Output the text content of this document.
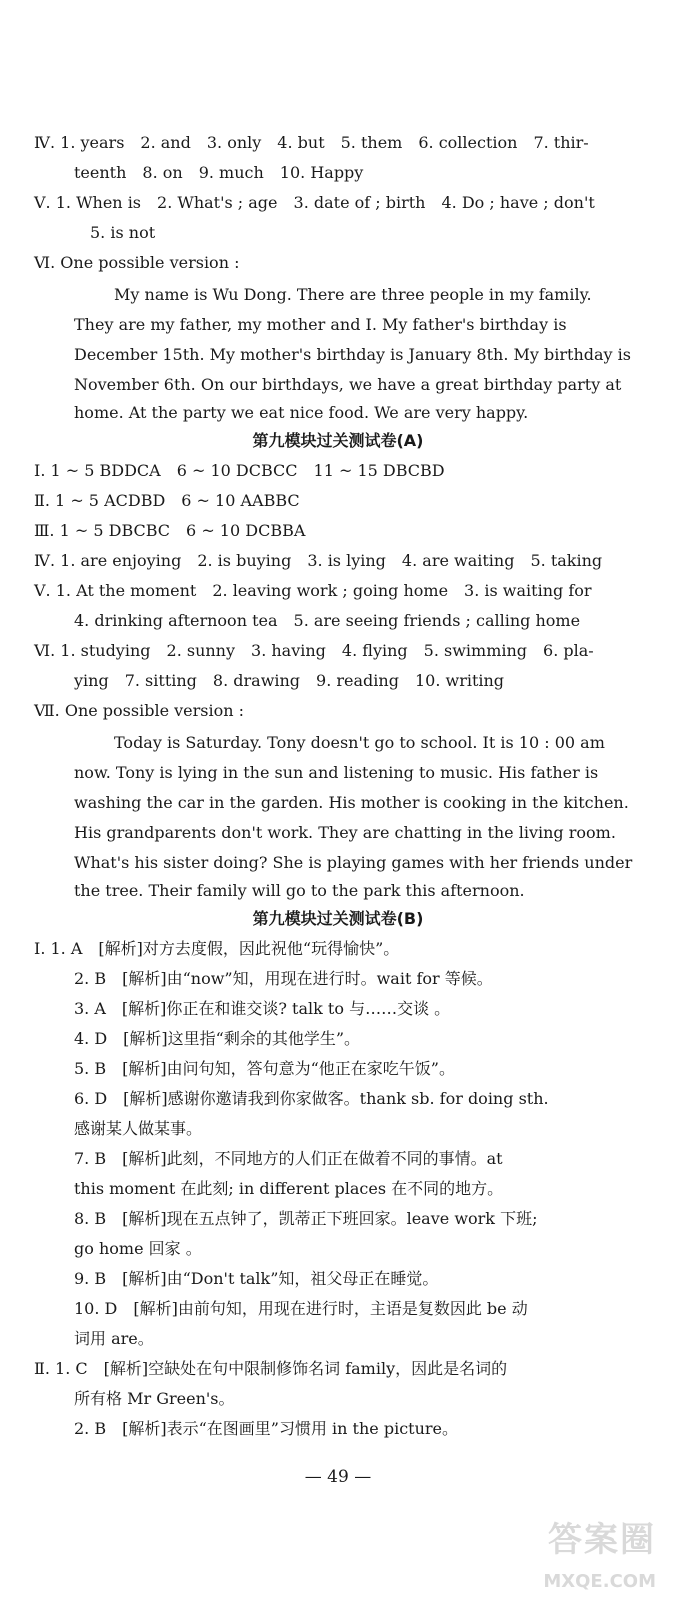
Ⅳ. 1. years　2. and　3. only　4. but　5. them　6. collection　7. thir-
teenth　8. on　9. much　10. Happy
Ⅴ. 1. When is　2. What's ; age　3. date of ; birth　4. Do ; have ; don't
5. is not
Ⅵ. One possible version :
My name is Wu Dong. There are three people in my family.
They are my father, my mother and I. My father's birthday is
December 15th. My mother's birthday is January 8th. My birthday is
November 6th. On our birthdays, we have a great birthday party at
home. At the party we eat nice food. We are very happy.
第九模块过关测试卷(A)
Ⅰ. 1 ~ 5 BDDCA　6 ~ 10 DCBCC　11 ~ 15 DBCBD
Ⅱ. 1 ~ 5 ACDBD　6 ~ 10 AABBC
Ⅲ. 1 ~ 5 DBCBC　6 ~ 10 DCBBA
Ⅳ. 1. are enjoying　2. is buying　3. is lying　4. are waiting　5. taking
Ⅴ. 1. At the moment　2. leaving work ; going home　3. is waiting for
4. drinking afternoon tea　5. are seeing friends ; calling home
Ⅵ. 1. studying　2. sunny　3. having　4. flying　5. swimming　6. pla-
ying　7. sitting　8. drawing　9. reading　10. writing
Ⅶ. One possible version :
Today is Saturday. Tony doesn't go to school. It is 10 : 00 am
now. Tony is lying in the sun and listening to music. His father is
washing the car in the garden. His mother is cooking in the kitchen.
His grandparents don't work. They are chatting in the living room.
What's his sister doing? She is playing games with her friends under
the tree. Their family will go to the park this afternoon.
第九模块过关测试卷(B)
Ⅰ. 1. A　[解析]对方去度假，因此祝他“玩得愉快”。
2. B　[解析]由“now”知，用现在进行时。wait for 等候。
3. A　[解析]你正在和谁交谈? talk to 与……交谈 。
4. D　[解析]这里指“剩余的其他学生”。
5. B　[解析]由问句知，答句意为“他正在家吃午饭”。
6. D　[解析]感谢你邀请我到你家做客。thank sb. for doing sth.
感谢某人做某事。
7. B　[解析]此刻，不同地方的人们正在做着不同的事情。at
this moment 在此刻; in different places 在不同的地方。
8. B　[解析]现在五点钟了，凯蒂正下班回家。leave work 下班;
go home 回家 。
9. B　[解析]由“Don't talk”知，祖父母正在睡觉。
10. D　[解析]由前句知，用现在进行时，主语是复数因此 be 动
词用 are。
Ⅱ. 1. C　[解析]空缺处在句中限制修饰名词 family，因此是名词的
所有格 Mr Green's。
2. B　[解析]表示“在图画里”习惯用 in the picture。
— 49 —
答案圈
MXQE.COM
